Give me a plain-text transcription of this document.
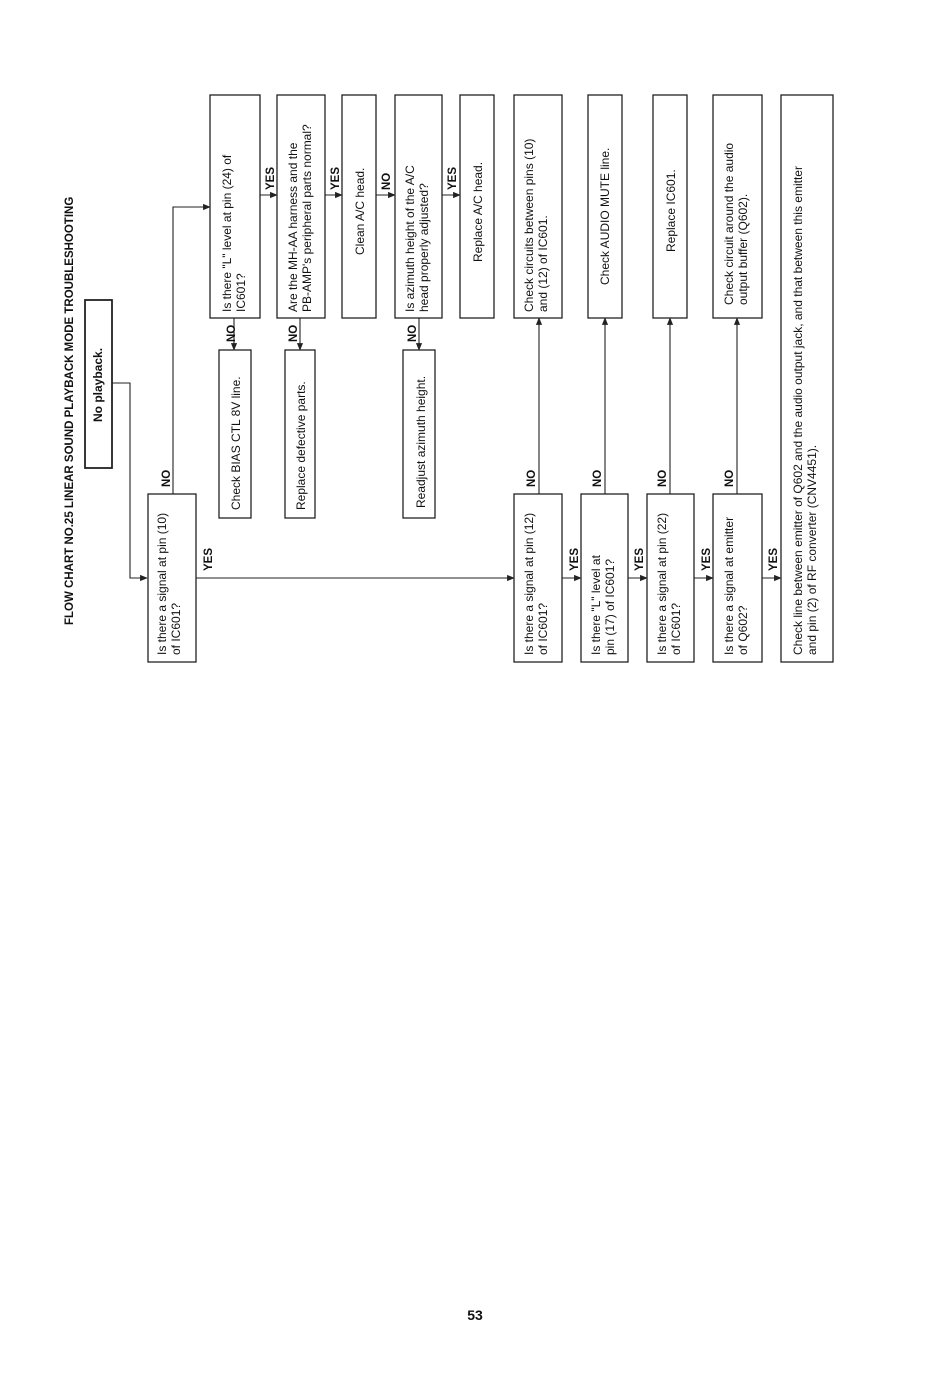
FLOW CHART NO.25 LINEAR SOUND PLAYBACK MODE TROUBLESHOOTING	NO
YES
NO
YES
NO
YES	NO
NO
YES
NO
YES
NO
YES
NO
YES
NO
YES
No playback.
Is there a signal at pin (10) of IC601?
Is there "L" level at pin (24) of IC601?
Check BIAS CTL 8V line.
Are the MH-AA harness and the PB-AMP's peripheral parts normal?
Replace defective parts.
Clean A/C head.	Is azimuth height of the A/C head properly adjusted?
Readjust azimuth height.
Replace A/C head.
Is there a signal at pin (12) of IC601?
Check circuits between pins (10) and (12) of IC601.
Is there "L" level at pin (17) of IC601?
Check AUDIO MUTE line.
Is there a signal at pin (22) of IC601?
Replace IC601.
Is there a signal at emitter of Q602?
Check circuit around the audio output buffer (Q602).	Check line between emitter of Q602 and the audio output jack, and that between this emitter and pin (2) of RF converter (CNV4451).
53
